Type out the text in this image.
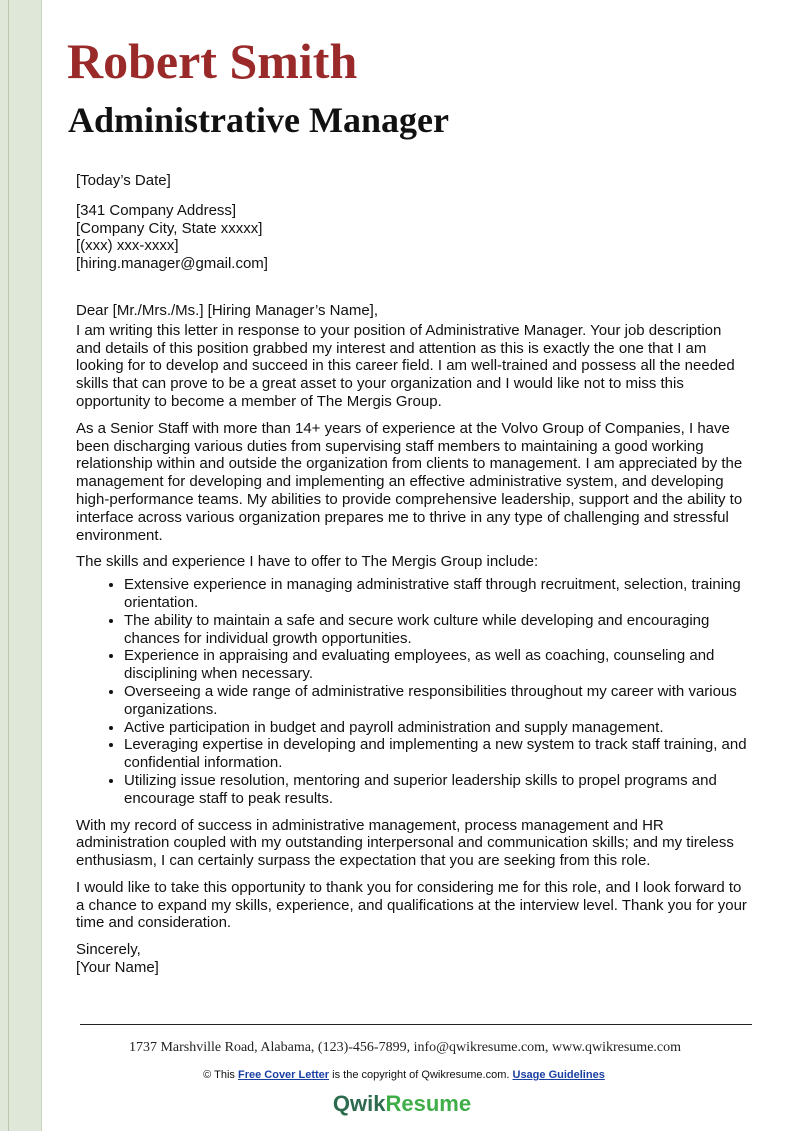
Robert Smith
Administrative Manager

[Today’s Date]

[341 Company Address]

[Company City, State xxxxx]

[(xxx) xxx-xxxx]

[hiring.manager@gmail.com]

Dear [Mr./Mrs./Ms.] [Hiring Manager’s Name],

I am writing this letter in response to your position of Administrative Manager. Your job description and details of this position grabbed my interest and attention as this is exactly the one that I am looking for to develop and succeed in this career field. I am well-trained and possess all the needed skills that can prove to be a great asset to your organization and I would like not to miss this opportunity to become a member of The Mergis Group.

As a Senior Staff with more than 14+ years of experience at the Volvo Group of Companies, I have been discharging various duties from supervising staff members to maintaining a good working relationship within and outside the organization from clients to management. I am appreciated by the management for developing and implementing an effective administrative system, and developing high-performance teams. My abilities to provide comprehensive leadership, support and the ability to interface across various organization prepares me to thrive in any type of challenging and stressful environment.

The skills and experience I have to offer to The Mergis Group include:

• Extensive experience in managing administrative staff through recruitment, selection, training orientation.
• The ability to maintain a safe and secure work culture while developing and encouraging chances for individual growth opportunities.
• Experience in appraising and evaluating employees, as well as coaching, counseling and disciplining when necessary.
• Overseeing a wide range of administrative responsibilities throughout my career with various organizations.
• Active participation in budget and payroll administration and supply management.
• Leveraging expertise in developing and implementing a new system to track staff training, and confidential information.
• Utilizing issue resolution, mentoring and superior leadership skills to propel programs and encourage staff to peak results.

With my record of success in administrative management, process management and HR administration coupled with my outstanding interpersonal and communication skills; and my tireless enthusiasm, I can certainly surpass the expectation that you are seeking from this role.

I would like to take this opportunity to thank you for considering me for this role, and I look forward to a chance to expand my skills, experience, and qualifications at the interview level. Thank you for your time and consideration.

Sincerely,

[Your Name]

1737 Marshville Road, Alabama, (123)-456-7899, info@qwikresume.com, www.qwikresume.com
© This Free Cover Letter is the copyright of Qwikresume.com. Usage Guidelines
QwikResume
